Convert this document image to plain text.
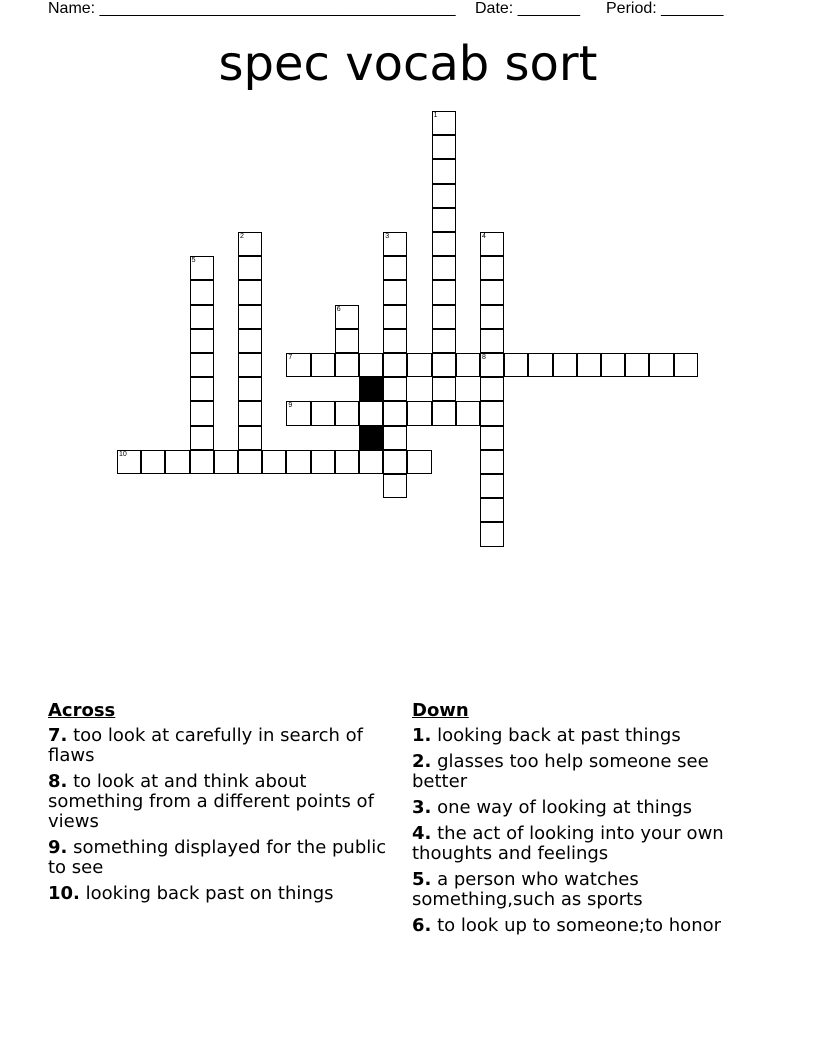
Name: ________________________________________ Date: _______ Period: _______
spec vocab sort
1
2	3	4
8
5
6
7
9
10
Across
7. too look at carefully in search of flaws
8. to look at and think about something from a different points of views
9. something displayed for the public to see
10. looking back past on things
Down
1. looking back at past things
2. glasses too help someone see better
3. one way of looking at things
4. the act of looking into your own thoughts and feelings
5. a person who watches something,such as sports
6. to look up to someone;to honor
